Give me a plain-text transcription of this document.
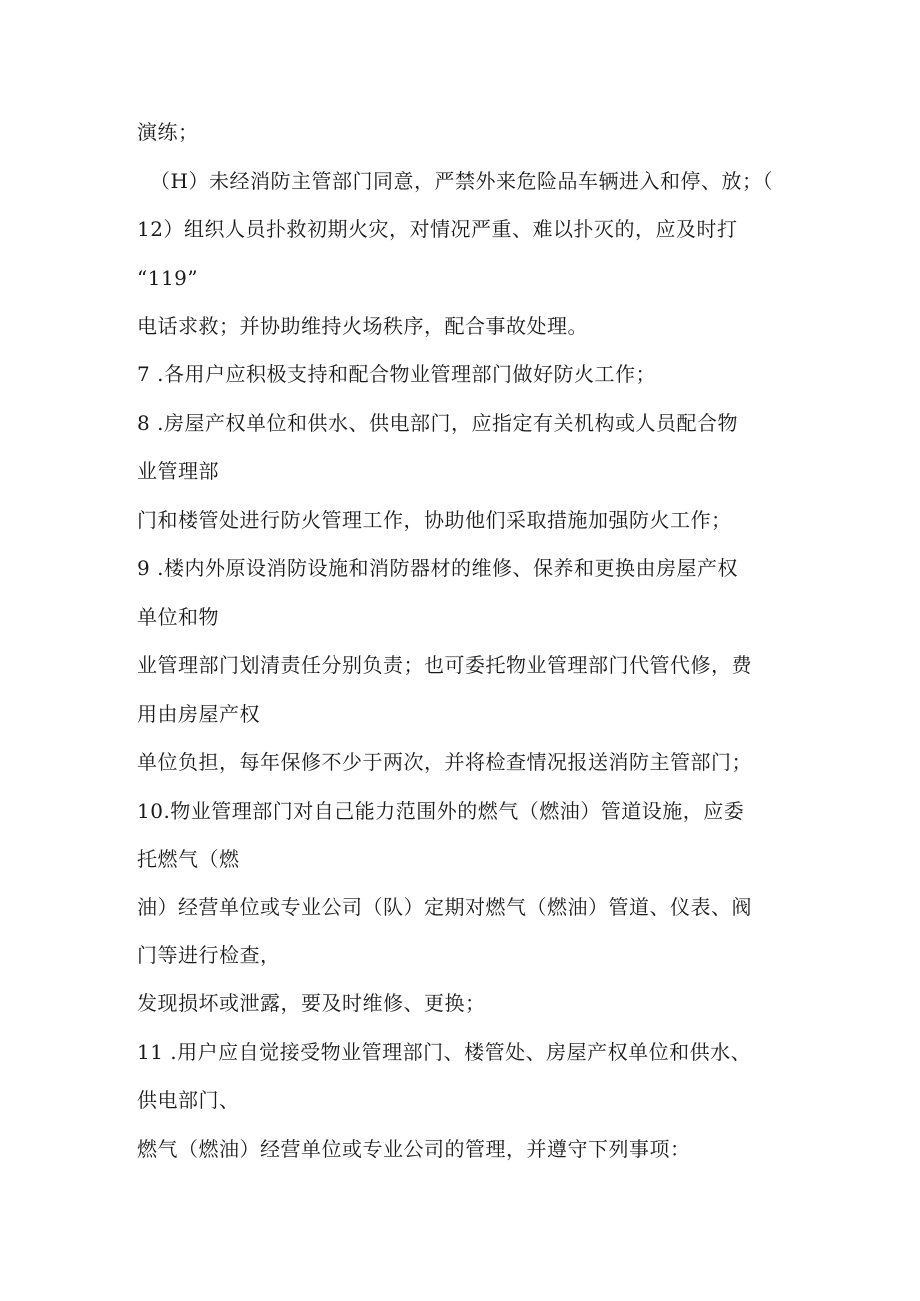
演练；
（H）未经消防主管部门同意，严禁外来危险品车辆进入和停、放；（
12）组织人员扑救初期火灾，对情况严重、难以扑灭的，应及时打
“119”
电话求救；并协助维持火场秩序，配合事故处理。
7 .各用户应积极支持和配合物业管理部门做好防火工作；
8 .房屋产权单位和供水、供电部门，应指定有关机构或人员配合物
业管理部
门和楼管处进行防火管理工作，协助他们采取措施加强防火工作；
9 .楼内外原设消防设施和消防器材的维修、保养和更换由房屋产权
单位和物
业管理部门划清责任分别负责；也可委托物业管理部门代管代修，费
用由房屋产权
单位负担，每年保修不少于两次，并将检查情况报送消防主管部门；
10.物业管理部门对自己能力范围外的燃气（燃油）管道设施，应委
托燃气（燃
油）经营单位或专业公司（队）定期对燃气（燃油）管道、仪表、阀
门等进行检查，
发现损坏或泄露，要及时维修、更换；
11 .用户应自觉接受物业管理部门、楼管处、房屋产权单位和供水、
供电部门、
燃气（燃油）经营单位或专业公司的管理，并遵守下列事项：
